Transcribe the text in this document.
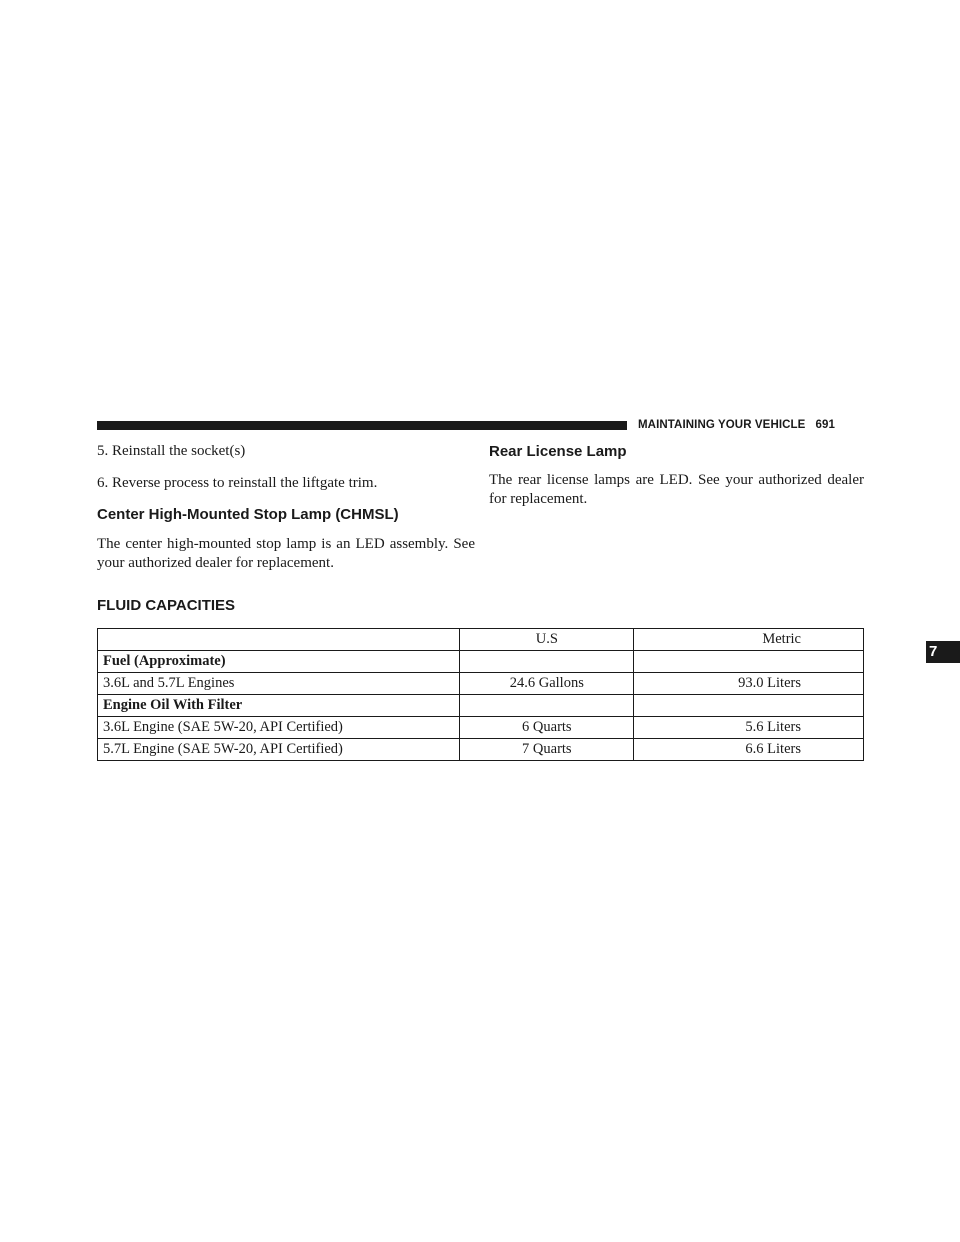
MAINTAINING YOUR VEHICLE 691

5. Reinstall the socket(s)

6. Reverse process to reinstall the liftgate trim.

Center High-Mounted Stop Lamp (CHMSL)

The center high-mounted stop lamp is an LED assembly. See your authorized dealer for replacement.

Rear License Lamp

The rear license lamps are LED. See your authorized dealer for replacement.

FLUID CAPACITIES
	U.S	Metric
Fuel (Approximate)		
3.6L and 5.7L Engines	24.6 Gallons	93.0 Liters
Engine Oil With Filter		
3.6L Engine (SAE 5W-20, API Certified)	6 Quarts	5.6 Liters
5.7L Engine (SAE 5W-20, API Certified)	7 Quarts	6.6 Liters
7
